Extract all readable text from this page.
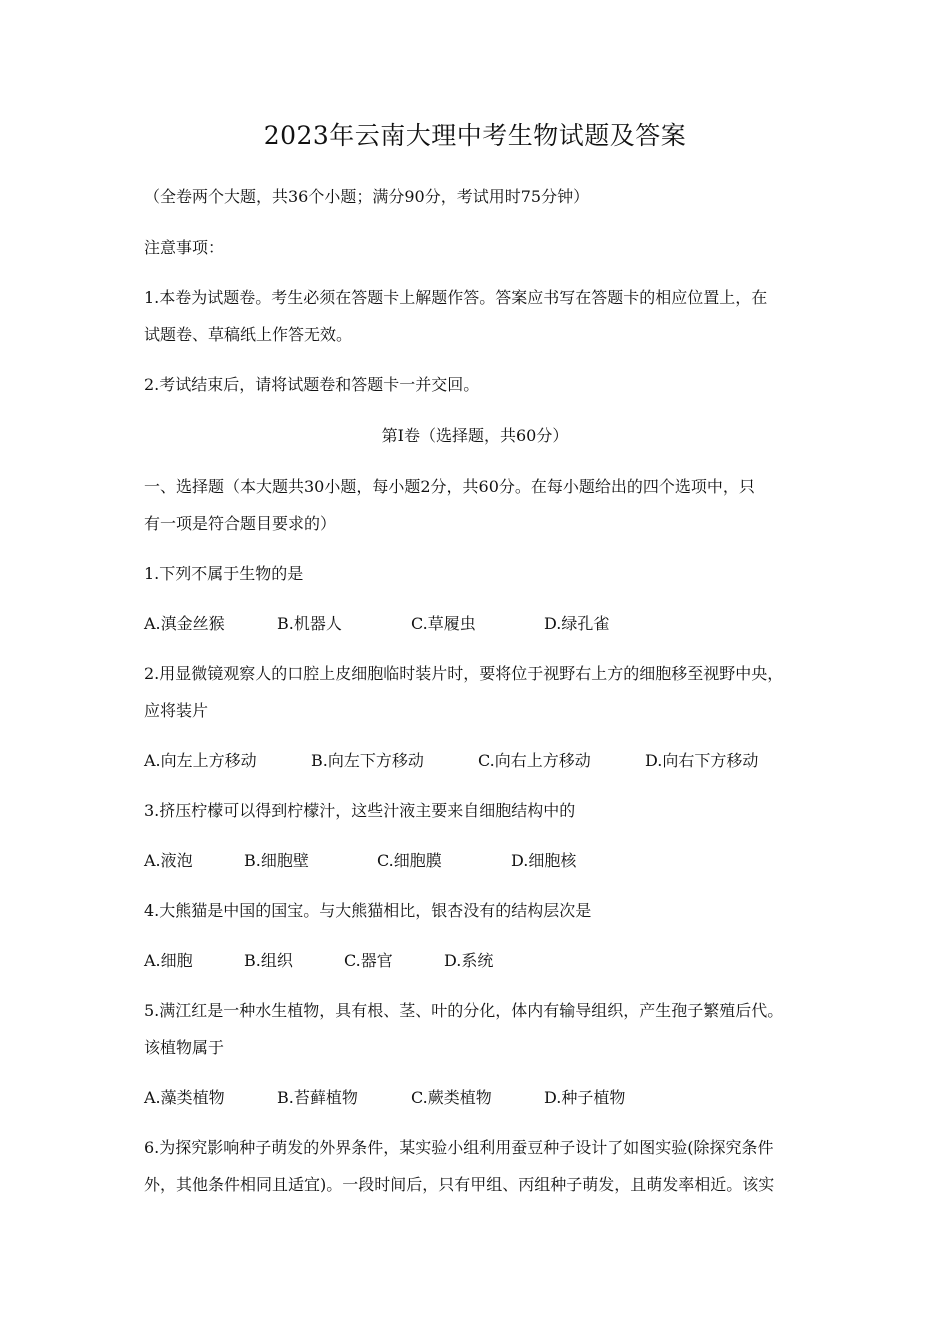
2023年云南大理中考生物试题及答案
（全卷两个大题，共36个小题；满分90分，考试用时75分钟）
注意事项：
1.本卷为试题卷。考生必须在答题卡上解题作答。答案应书写在答题卡的相应位置上，在
试题卷、草稿纸上作答无效。
2.考试结束后，请将试题卷和答题卡一并交回。
第Ⅰ卷（选择题，共60分）
一、选择题（本大题共30小题，每小题2分，共60分。在每小题给出的四个选项中，只
有一项是符合题目要求的）
1.下列不属于生物的是
A.滇金丝猴	B.机器人	C.草履虫	D.绿孔雀
2.用显微镜观察人的口腔上皮细胞临时装片时，要将位于视野右上方的细胞移至视野中央，
应将装片
A.向左上方移动	B.向左下方移动	C.向右上方移动	D.向右下方移动
3.挤压柠檬可以得到柠檬汁，这些汁液主要来自细胞结构中的
A.液泡	B.细胞壁	C.细胞膜	D.细胞核
4.大熊猫是中国的国宝。与大熊猫相比，银杏没有的结构层次是
A.细胞	B.组织	C.器官	D.系统
5.满江红是一种水生植物，具有根、茎、叶的分化，体内有输导组织，产生孢子繁殖后代。
该植物属于
A.藻类植物	B.苔藓植物	C.蕨类植物	D.种子植物
6.为探究影响种子萌发的外界条件，某实验小组利用蚕豆种子设计了如图实验(除探究条件
外，其他条件相同且适宜)。一段时间后，只有甲组、丙组种子萌发，且萌发率相近。该实
